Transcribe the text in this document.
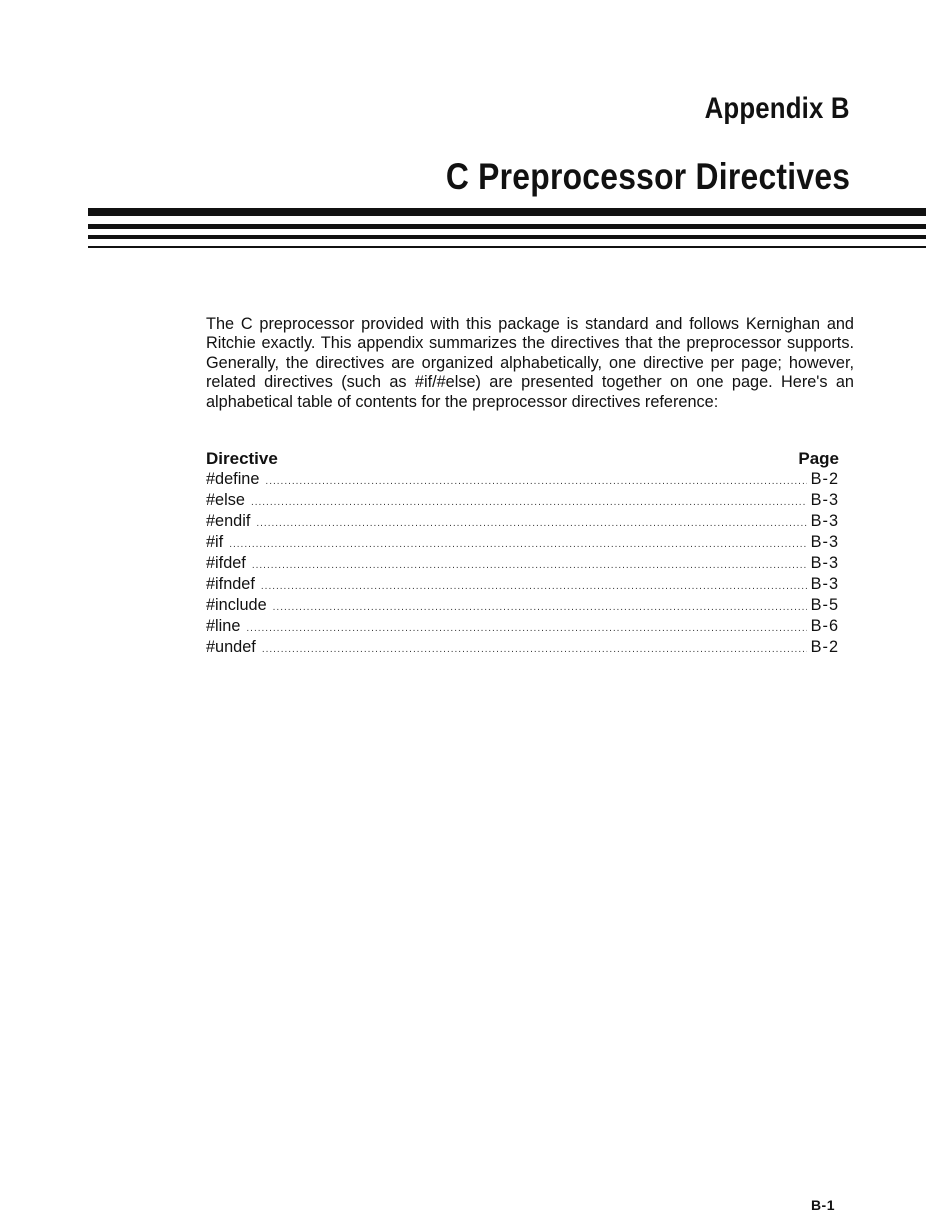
Appendix B
C Preprocessor Directives

The C preprocessor provided with this package is standard and follows Kernighan and Ritchie exactly. This appendix summarizes the directives that the preprocessor supports. Generally, the directives are organized alphabetically, one directive per page; however, related directives (such as #if/#else) are presented together on one page. Here's an alphabetical table of contents for the preprocessor directives reference:

Directive	Page
#define .....	B-2
#else .....	B-3
#endif .....	B-3
#if .....	B-3
#ifdef .....	B-3
#ifndef .....	B-3
#include .....	B-5
#line .....	B-6
#undef .....	B-2
B-1
